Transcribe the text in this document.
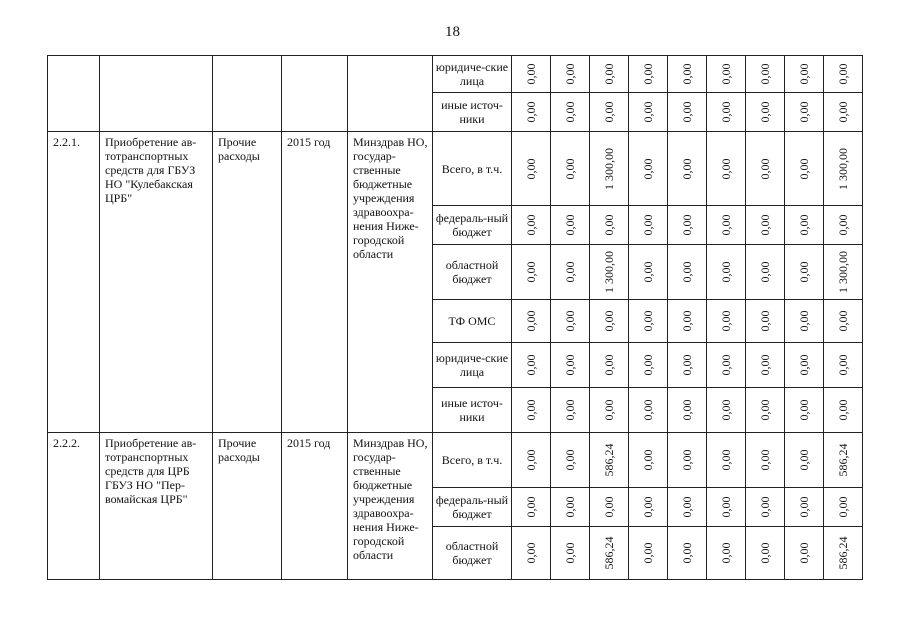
18
					юридиче-ские лица	0,00	0,00	0,00	0,00	0,00	0,00	0,00	0,00	0,00

					иные источ-ники	0,00	0,00	0,00	0,00	0,00	0,00	0,00	0,00	0,00

2.2.1.	Приобретение ав-тотранспортных средств для ГБУЗ НО "Кулебакская ЦРБ"	Прочие расходы	2015 год	Минздрав НО, государ-ственные бюджетные учреждения здравоохра-нения Ниже-городской области	Всего, в т.ч.	0,00	0,00	1 300,00	0,00	0,00	0,00	0,00	0,00	1 300,00

					федераль-ный бюджет	0,00	0,00	0,00	0,00	0,00	0,00	0,00	0,00	0,00

					областной бюджет	0,00	0,00	1 300,00	0,00	0,00	0,00	0,00	0,00	1 300,00

					ТФ ОМС	0,00	0,00	0,00	0,00	0,00	0,00	0,00	0,00	0,00

					юридиче-ские лица	0,00	0,00	0,00	0,00	0,00	0,00	0,00	0,00	0,00

					иные источ-ники	0,00	0,00	0,00	0,00	0,00	0,00	0,00	0,00	0,00

2.2.2.	Приобретение ав-тотранспортных средств для ЦРБ ГБУЗ НО "Пер-вомайская ЦРБ"	Прочие расходы	2015 год	Минздрав НО, государ-ственные бюджетные учреждения здравоохра-нения Ниже-городской области	Всего, в т.ч.	0,00	0,00	586,24	0,00	0,00	0,00	0,00	0,00	586,24

					федераль-ный бюджет	0,00	0,00	0,00	0,00	0,00	0,00	0,00	0,00	0,00

					областной бюджет	0,00	0,00	586,24	0,00	0,00	0,00	0,00	0,00	586,24
